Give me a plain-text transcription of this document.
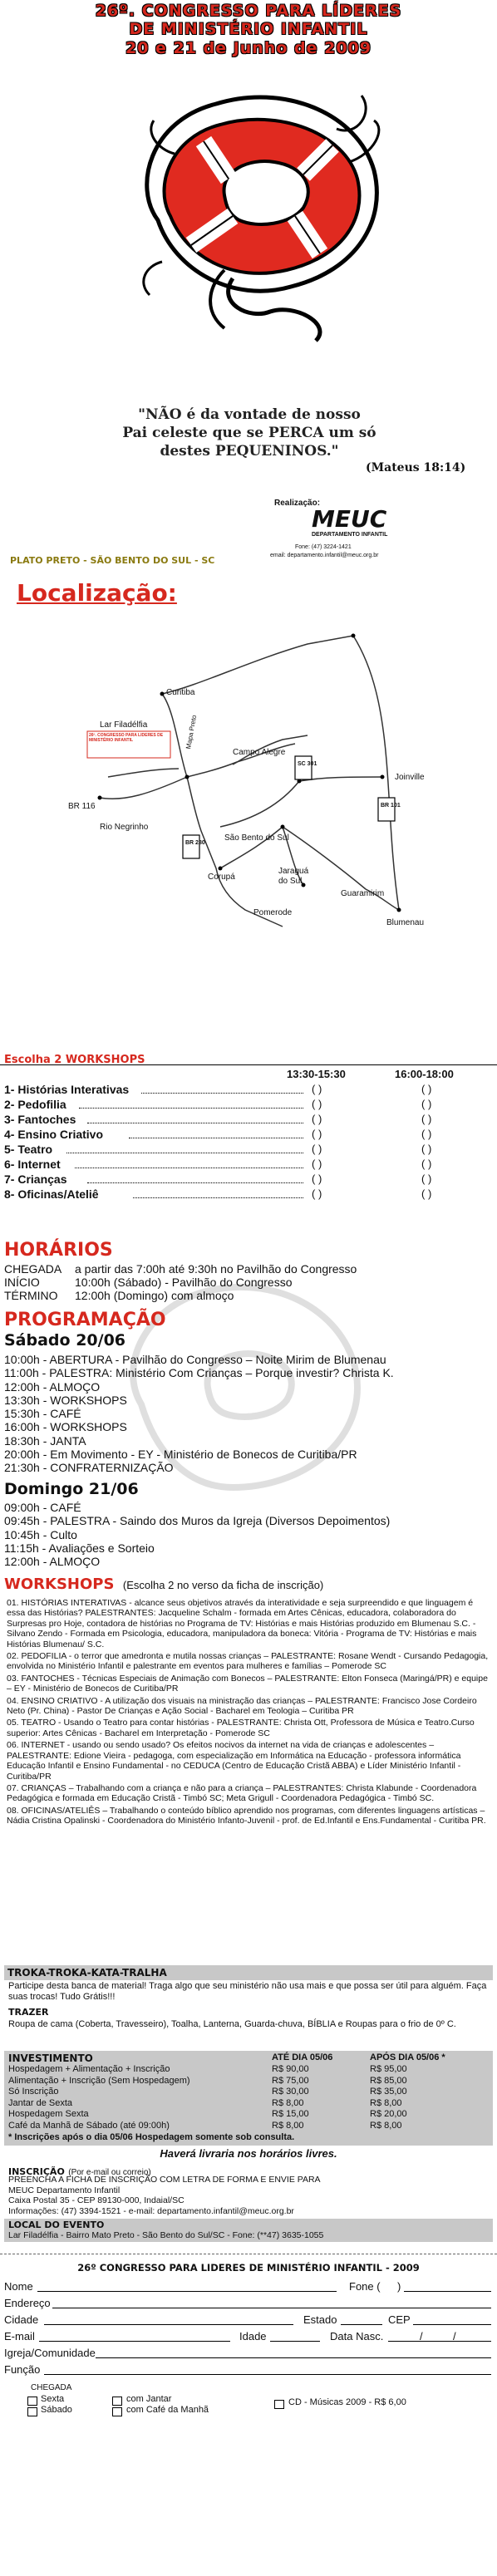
26º. CONGRESSO PARA LÍDERES
DE MINISTÉRIO INFANTIL
20 e 21 de Junho de 2009
"NÃO é da vontade de nosso
Pai celeste que se PERCA um só
destes PEQUENINOS."
(Mateus 18:14)
Realização:
MEUC
DEPARTAMENTO INFANTIL
Fone: (47) 3224-1421
email: departamento.infantil@meuc.org.br
PLATO PRETO - SÃO BENTO DO SUL - SC
Localização:
Curitiba
BR 116
Rio Negrinho
Campo Alegre
SC 301
São Bento do Sul
BR 101
Joinville
BR 280
Corupá
Jaraguá do Sul
Pomerode
Guaramirim
Blumenau
Lar Filadélfia
26º. CONGRESSO PARA LIDERES DE MINISTÉRIO INFANTIL	Mapa Preto
Escolha 2 WORKSHOPS
13:30-15:30	16:00-18:00
1- Histórias Interativas	( )	( )
2- Pedofilia	( )	( )
3- Fantoches	( )	( )
4- Ensino Criativo	( )	( )
5- Teatro	( )	( )
6- Internet	( )	( )
7- Crianças	( )	( )
8- Oficinas/Ateliê	( )	( )
HORÁRIOS
CHEGADA a partir das 7:00h até 9:30h no Pavilhão do Congresso
INÍCIO	10:00h (Sábado) - Pavilhão do Congresso
TÉRMINO 12:00h (Domingo) com almoço
PROGRAMAÇÃO
Sábado 20/06
10:00h - ABERTURA - Pavilhão do Congresso – Noite Mirim de Blumenau
11:00h - PALESTRA: Ministério Com Crianças – Porque investir? Christa K.
12:00h - ALMOÇO
13:30h - WORKSHOPS
15:30h - CAFÉ
16:00h - WORKSHOPS
18:30h - JANTA
20:00h - Em Movimento - EY - Ministério de Bonecos de Curitiba/PR
21:30h - CONFRATERNIZAÇÃO
Domingo 21/06
09:00h - CAFÉ
09:45h - PALESTRA - Saindo dos Muros da Igreja (Diversos Depoimentos)
10:45h - Culto
11:15h - Avaliações e Sorteio
12:00h - ALMOÇO
WORKSHOPS (Escolha 2 no verso da ficha de inscrição)
01. HISTÓRIAS INTERATIVAS - alcance seus objetivos através da interatividade e seja surpreendido e que linguagem é essa das Histórias? PALESTRANTES: Jacqueline Schalm - formada em Artes Cênicas, educadora, colaboradora do Surpresas pro Hoje, contadora de histórias no Programa de TV: Histórias e mais Histórias produzido em Blumenau S.C. - Silvano Zendo - Formada em Psicologia, educadora, manipuladora da boneca: Vitória - Programa de TV: Histórias e mais Histórias Blumenau/ S.C.
02. PEDOFILIA - o terror que amedronta e mutila nossas crianças – PALESTRANTE: Rosane Wendt - Cursando Pedagogia, envolvida no Ministério Infantil e palestrante em eventos para mulheres e famílias – Pomerode SC
03. FANTOCHES - Técnicas Especiais de Animação com Bonecos – PALESTRANTE: Elton Fonseca (Maringá/PR) e equipe – EY - Ministério de Bonecos de Curitiba/PR
04. ENSINO CRIATIVO - A utilização dos visuais na ministração das crianças – PALESTRANTE: Francisco Jose Cordeiro Neto (Pr. China) - Pastor De Crianças e Ação Social - Bacharel em Teologia – Curitiba PR
05. TEATRO - Usando o Teatro para contar histórias - PALESTRANTE: Christa Ott, Professora de Música e Teatro.Curso superior: Artes Cênicas - Bacharel em Interpretação - Pomerode SC
06. INTERNET - usando ou sendo usado? Os efeitos nocivos da internet na vida de crianças e adolescentes – PALESTRANTE: Edione Vieira - pedagoga, com especialização em Informática na Educação - professora informática Educação Infantil e Ensino Fundamental - no CEDUCA (Centro de Educação Cristã ABBA) e Líder Ministério Infantil - Curitiba/PR
07. CRIANÇAS – Trabalhando com a criança e não para a criança – PALESTRANTES: Christa Klabunde - Coordenadora Pedagógica e formada em Educação Cristã - Timbó SC; Meta Grigull - Coordenadora Pedagógica - Timbó SC.
08. OFICINAS/ATELIÊS – Trabalhando o conteúdo bíblico aprendido nos programas, com diferentes linguagens artísticas – Nádia Cristina Opalinski - Coordenadora do Ministério Infanto-Juvenil - prof. de Ed.Infantil e Ens.Fundamental - Curitiba PR.
TROKA-TROKA-KATA-TRALHA
Participe desta banca de material! Traga algo que seu ministério não usa mais e que possa ser útil para alguém. Faça suas trocas! Tudo Grátis!!!
TRAZER
Roupa de cama (Coberta, Travesseiro), Toalha, Lanterna, Guarda-chuva, BÍBLIA e Roupas para o frio de 0º C.
INVESTIMENTO	ATÉ DIA 05/06	APÓS DIA 05/06 *
Hospedagem + Alimentação + Inscrição	R$ 90,00	R$ 95,00
Alimentação + Inscrição (Sem Hospedagem)	R$ 75,00	R$ 85,00
Só Inscrição	R$ 30,00	R$ 35,00
Jantar de Sexta	R$ 8,00	R$ 8,00
Hospedagem Sexta	R$ 15,00	R$ 20,00
Café da Manhã de Sábado (até 09:00h)	R$ 8,00	R$ 8,00
* Inscrições após o dia 05/06 Hospedagem somente sob consulta.
Haverá livraria nos horários livres.
INSCRIÇÃO (Por e-mail ou correio)
PREENCHA A FICHA DE INSCRIÇÃO COM LETRA DE FORMA E ENVIE PARA
MEUC Departamento Infantil
Caixa Postal 35 - CEP 89130-000, Indaial/SC
Informações: (47) 3394-1521 - e-mail: departamento.infantil@meuc.org.br
LOCAL DO EVENTO
Lar Filadélfia - Bairro Mato Preto - São Bento do Sul/SC - Fone: (**47) 3635-1055
26º CONGRESSO PARA LIDERES DE MINISTÉRIO INFANTIL - 2009
Nome	Fone ( )
Endereço
Cidade	Estado	CEP
E-mail	Idade	Data Nasc.	/	/
Igreja/Comunidade
Função
CHEGADA
Sexta
Sábado
com Jantar
com Café da Manhã
CD - Músicas 2009 - R$ 6,00
